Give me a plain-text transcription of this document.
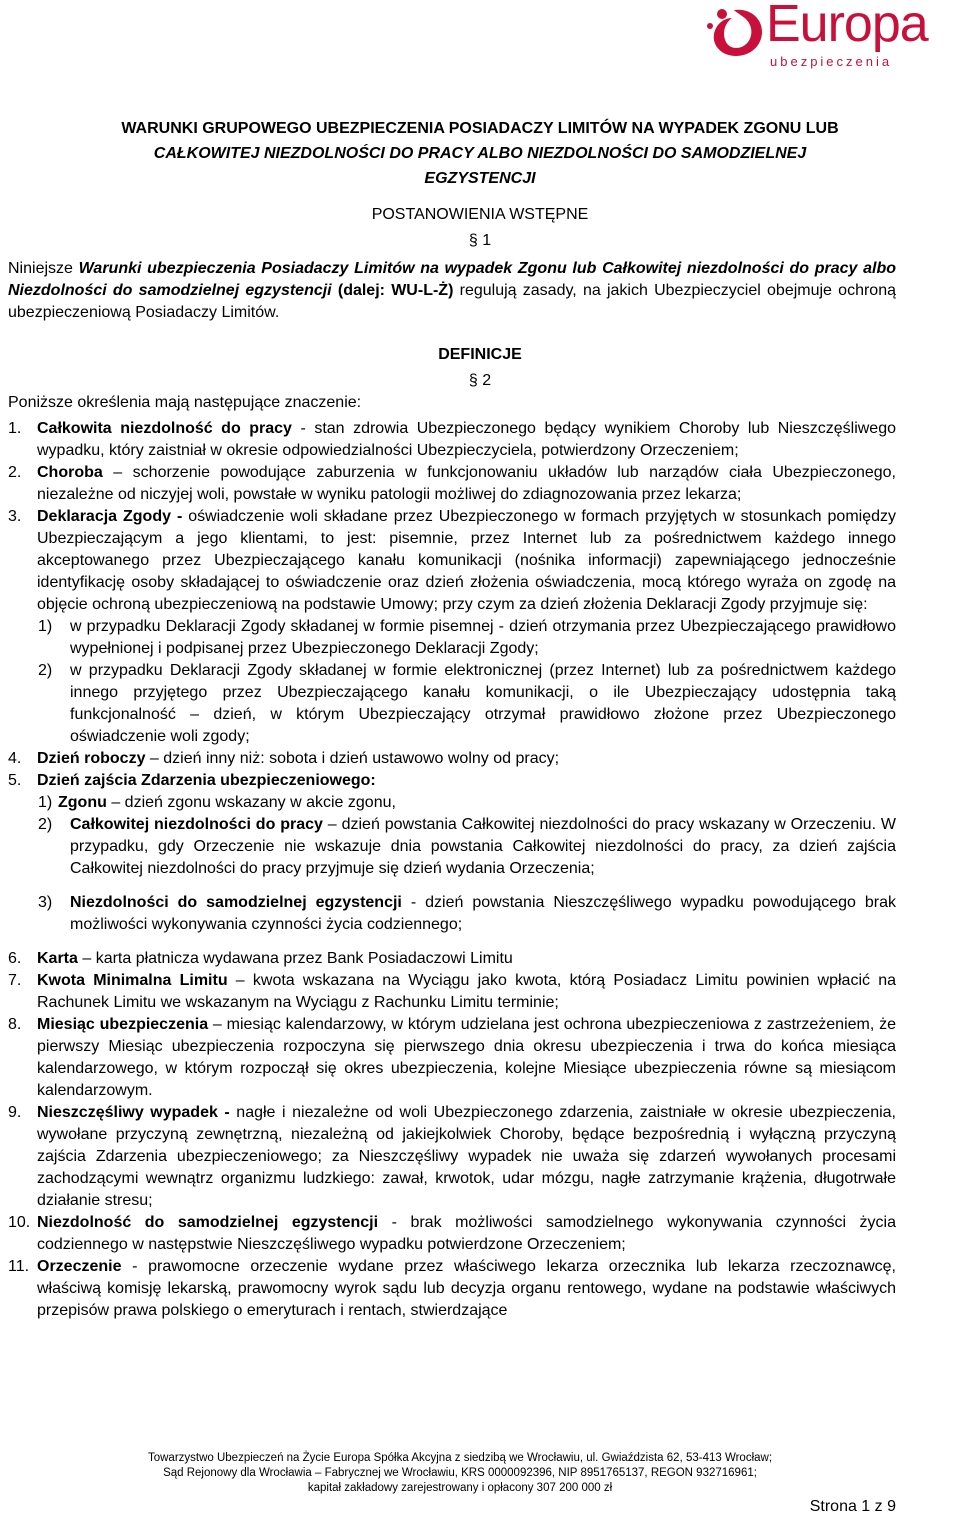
Europa
ubezpieczenia
WARUNKI GRUPOWEGO UBEZPIECZENIA POSIADACZY LIMITÓW NA WYPADEK ZGONU LUB
CAŁKOWITEJ NIEZDOLNOŚCI DO PRACY ALBO NIEZDOLNOŚCI DO SAMODZIELNEJ
EGZYSTENCJI
POSTANOWIENIA WSTĘPNE
§ 1
Niniejsze Warunki ubezpieczenia Posiadaczy Limitów na wypadek Zgonu lub Całkowitej niezdolności do pracy albo Niezdolności do samodzielnej egzystencji (dalej: WU-L-Ż) regulują zasady, na jakich Ubezpieczyciel obejmuje ochroną ubezpieczeniową Posiadaczy Limitów.
DEFINICJE
§ 2
Poniższe określenia mają następujące znaczenie:
1. Całkowita niezdolność do pracy - stan zdrowia Ubezpieczonego będący wynikiem Choroby lub Nieszczęśliwego wypadku, który zaistniał w okresie odpowiedzialności Ubezpieczyciela, potwierdzony Orzeczeniem;
2. Choroba – schorzenie powodujące zaburzenia w funkcjonowaniu układów lub narządów ciała Ubezpieczonego, niezależne od niczyjej woli, powstałe w wyniku patologii możliwej do zdiagnozowania przez lekarza;
3. Deklaracja Zgody - oświadczenie woli składane przez Ubezpieczonego w formach przyjętych w stosunkach pomiędzy Ubezpieczającym a jego klientami, to jest: pisemnie, przez Internet lub za pośrednictwem każdego innego akceptowanego przez Ubezpieczającego kanału komunikacji (nośnika informacji) zapewniającego jednocześnie identyfikację osoby składającej to oświadczenie oraz dzień złożenia oświadczenia, mocą którego wyraża on zgodę na objęcie ochroną ubezpieczeniową na podstawie Umowy; przy czym za dzień złożenia Deklaracji Zgody przyjmuje się:
1) w przypadku Deklaracji Zgody składanej w formie pisemnej - dzień otrzymania przez Ubezpieczającego prawidłowo wypełnionej i podpisanej przez Ubezpieczonego Deklaracji Zgody;
2) w przypadku Deklaracji Zgody składanej w formie elektronicznej (przez Internet) lub za pośrednictwem każdego innego przyjętego przez Ubezpieczającego kanału komunikacji, o ile Ubezpieczający udostępnia taką funkcjonalność – dzień, w którym Ubezpieczający otrzymał prawidłowo złożone przez Ubezpieczonego oświadczenie woli zgody;
4. Dzień roboczy – dzień inny niż: sobota i dzień ustawowo wolny od pracy;
5. Dzień zajścia Zdarzenia ubezpieczeniowego:
1) Zgonu – dzień zgonu wskazany w akcie zgonu,
2) Całkowitej niezdolności do pracy – dzień powstania Całkowitej niezdolności do pracy wskazany w Orzeczeniu. W przypadku, gdy Orzeczenie nie wskazuje dnia powstania Całkowitej niezdolności do pracy, za dzień zajścia Całkowitej niezdolności do pracy przyjmuje się dzień wydania Orzeczenia;
3) Niezdolności do samodzielnej egzystencji - dzień powstania Nieszczęśliwego wypadku powodującego brak możliwości wykonywania czynności życia codziennego;
6. Karta – karta płatnicza wydawana przez Bank Posiadaczowi Limitu
7. Kwota Minimalna Limitu – kwota wskazana na Wyciągu jako kwota, którą Posiadacz Limitu powinien wpłacić na Rachunek Limitu we wskazanym na Wyciągu z Rachunku Limitu terminie;
8. Miesiąc ubezpieczenia – miesiąc kalendarzowy, w którym udzielana jest ochrona ubezpieczeniowa z zastrzeżeniem, że pierwszy Miesiąc ubezpieczenia rozpoczyna się pierwszego dnia okresu ubezpieczenia i trwa do końca miesiąca kalendarzowego, w którym rozpoczął się okres ubezpieczenia, kolejne Miesiące ubezpieczenia równe są miesiącom kalendarzowym.
9. Nieszczęśliwy wypadek - nagłe i niezależne od woli Ubezpieczonego zdarzenia, zaistniałe w okresie ubezpieczenia, wywołane przyczyną zewnętrzną, niezależną od jakiejkolwiek Choroby, będące bezpośrednią i wyłączną przyczyną zajścia Zdarzenia ubezpieczeniowego; za Nieszczęśliwy wypadek nie uważa się zdarzeń wywołanych procesami zachodzącymi wewnątrz organizmu ludzkiego: zawał, krwotok, udar mózgu, nagłe zatrzymanie krążenia, długotrwałe działanie stresu;
10. Niezdolność do samodzielnej egzystencji - brak możliwości samodzielnego wykonywania czynności życia codziennego w następstwie Nieszczęśliwego wypadku potwierdzone Orzeczeniem;
11. Orzeczenie - prawomocne orzeczenie wydane przez właściwego lekarza orzecznika lub lekarza rzeczoznawcę, właściwą komisję lekarską, prawomocny wyrok sądu lub decyzja organu rentowego, wydane na podstawie właściwych przepisów prawa polskiego o emeryturach i rentach, stwierdzające
Towarzystwo Ubezpieczeń na Życie Europa Spółka Akcyjna z siedzibą we Wrocławiu, ul. Gwiaździsta 62, 53-413 Wrocław;
Sąd Rejonowy dla Wrocławia – Fabrycznej we Wrocławiu, KRS 0000092396, NIP 8951765137, REGON 932716961;
kapitał zakładowy zarejestrowany i opłacony 307 200 000 zł
Strona 1 z 9
